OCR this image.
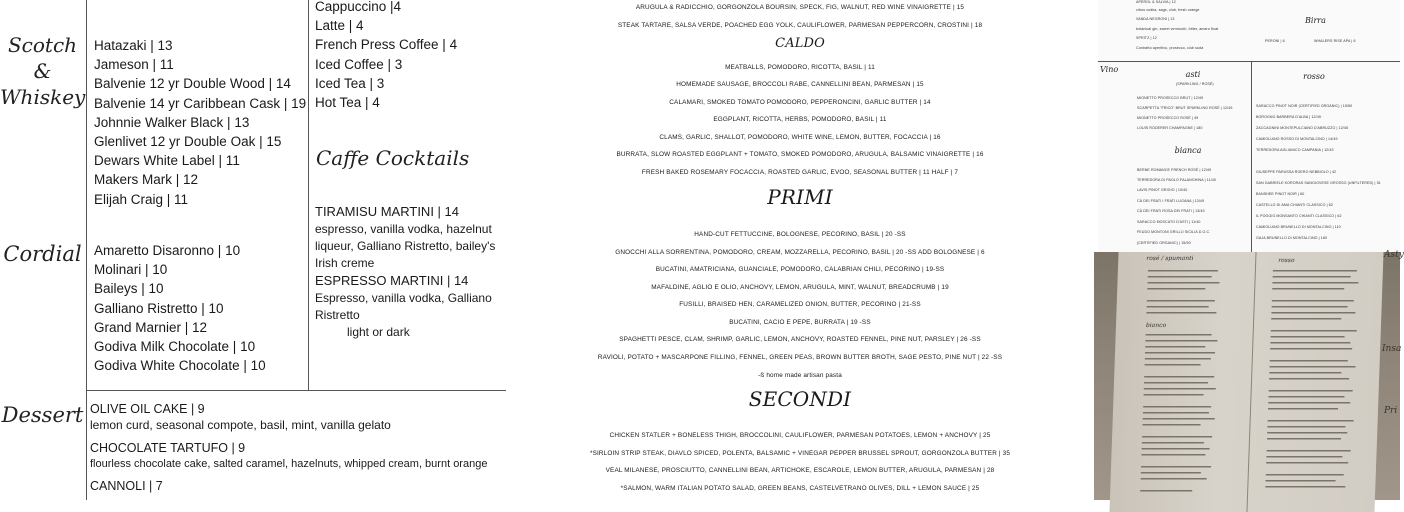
Cappuccino |4
Latte | 4
French Press Coffee | 4
Iced Coffee | 3
Iced Tea | 3
Hot Tea | 4
Scotch & Whiskey
Hatazaki | 13
Jameson | 11
Balvenie 12 yr Double Wood | 14
Balvenie 14 yr Caribbean Cask | 19
Johnnie Walker Black | 13
Glenlivet 12 yr Double Oak | 15
Dewars White Label | 11
Makers Mark | 12
Elijah Craig | 11
Caffe Cocktails
TIRAMISU MARTINI | 14
espresso, vanilla vodka, hazelnut liqueur, Galliano Ristretto, bailey's Irish creme
ESPRESSO MARTINI | 14
Espresso, vanilla vodka, Galliano Ristretto
light or dark
Cordial Amaretto Disaronno | 10
Molinari | 10
Baileys | 10
Galliano Ristretto | 10
Grand Marnier | 12
Godiva Milk Chocolate | 10
Godiva White Chocolate | 10
Dessert OLIVE OIL CAKE | 9
lemon curd, seasonal compote, basil, mint, vanilla gelato
CHOCOLATE TARTUFO | 9
flourless chocolate cake, salted caramel, hazelnuts, whipped cream, burnt orange
CANNOLI | 7
ARUGULA & RADICCHIO, GORGONZOLA BOURSIN, SPECK, FIG, WALNUT, RED WINE VINAIGRETTE | 15
STEAK TARTARE, SALSA VERDE, POACHED EGG YOLK, CAULIFLOWER, PARMESAN PEPPERCORN, CROSTINI | 18
CALDO
MEATBALLS, POMODORO, RICOTTA, BASIL | 11
HOMEMADE SAUSAGE, BROCCOLI RABE, CANNELLINI BEAN, PARMESAN | 15
CALAMARI, SMOKED TOMATO POMODORO, PEPPERONCINI, GARLIC BUTTER | 14
EGGPLANT, RICOTTA, HERBS, POMODORO, BASIL | 11
CLAMS, GARLIC, SHALLOT, POMODORO, WHITE WINE, LEMON, BUTTER, FOCACCIA | 16
BURRATA, SLOW ROASTED EGGPLANT + TOMATO, SMOKED POMODORO, ARUGULA, BALSAMIC VINAIGRETTE | 16
FRESH BAKED ROSEMARY FOCACCIA, ROASTED GARLIC, EVOO, SEASONAL BUTTER | 11 HALF | 7
PRIMI
HAND-CUT FETTUCCINE, BOLOGNESE, PECORINO, BASIL | 20 -SS
GNOCCHI ALLA SORRENTINA, POMODORO, CREAM, MOZZARELLA, PECORINO, BASIL | 20 -SS ADD BOLOGNESE | 6
BUCATINI, AMATRICIANA, GUANCIALE, POMODORO, CALABRIAN CHILI, PECORINO | 19-SS
MAFALDINE, AGLIO E OLIO, ANCHOVY, LEMON, ARUGULA, MINT, WALNUT, BREADCRUMB | 19
FUSILLI, BRAISED HEN, CARAMELIZED ONION, BUTTER, PECORINO | 21-SS
BUCATINI, CACIO E PEPE, BURRATA | 19 -SS
SPAGHETTI PESCE, CLAM, SHRIMP, GARLIC, LEMON, ANCHOVY, ROASTED FENNEL, PINE NUT, PARSLEY | 26 -SS
RAVIOLI, POTATO + MASCARPONE FILLING, FENNEL, GREEN PEAS, BROWN BUTTER BROTH, SAGE PESTO, PINE NUT | 22 -SS
-ß home made artisan pasta
SECONDI
CHICKEN STATLER + BONELESS THIGH, BROCCOLINI, CAULIFLOWER, PARMESAN POTATOES, LEMON + ANCHOVY | 25
*SIRLOIN STRIP STEAK, DIAVLO SPICED, POLENTA, BALSAMIC + VINEGAR PEPPER BRUSSEL SPROUT, GORGONZOLA BUTTER | 35
VEAL MILANESE, PROSCIUTTO, CANNELLINI BEAN, ARTICHOKE, ESCAROLE, LEMON BUTTER, ARUGULA, PARMESAN | 28
*SALMON, WARM ITALIAN POTATO SALAD, GREEN BEANS, CASTELVETRANO OLIVES, DILL + LEMON SAUCE | 25
APEROL & SALVIA | 12
citrus vodka, sage, club, fresh orange
VANDA NEGRONI | 13
botanical gin, sweet vermouth, bitter, amaro float
SPRITZ | 12
Contratto aperitivo, prosecco, club soda
Birra
PERONI | 6	WHALERS RISE APA | 6
Vino
asti
(SPARKLING / ROSÉ)
MIONETTO PROSECCO BRUT | 12/49
SCARPETTA "FRICO" BRUT SPARKLING ROSÉ | 12/49
MIONETTO PROSECCO ROSÉ | 49
LOUIS RODERER CHAMPAGNE | 180
bianca
BERNE ROMANCE FRENCH ROSÉ | 12/49
TERREDORA DI PAOLO FALANGHINA | 11/40
LAVIS PINOT GRIGIO | 10/40
CÀ DEI FRATI I FRATI LUGANA | 13/49
CÀ DEI FRATI ROSA DEI FRATI | 13/49
SARACCO MOSCATO D'ASTI | 11/40
FEUDO MONTONI GRILLO SICILIA D.O.C.
(CERTIFIED ORGANIC) | 15/50
rosso
SARACCO PINOT NOIR (CERTIFIED ORGANIC) | 15/50
BOROGNO BARBERA D'ALBA | 12/49
ZACCAGNINI MONTEPULCIANO D'ABRUZZO | 12/45
CAMIGLIANO ROSSO DI MONTALCINO | 14/49
TERREDORA AGLIANICO CAMPANIA | 12/43
GIUSEPPE PARUSSA ROERO NEBBIOLO | 42
SAN GABRIELE KORORAS SANGIOVESE GROSSO (UNFILTERED) | 51
BANSHEE PINOT NOIR | 60
CASTELLO DI AMA CHIANTI CLASSICO | 62
IL POGGIO MONSANTO CHIANTI CLASSICO | 62
CAMIGLIANO BRUNELLO DI MONTALCINO | 110
GAJA BRUNELLO DI MONTALCINO | 180
rosé / spumanti	rosso
bianco
Asty
Insa
Pri
